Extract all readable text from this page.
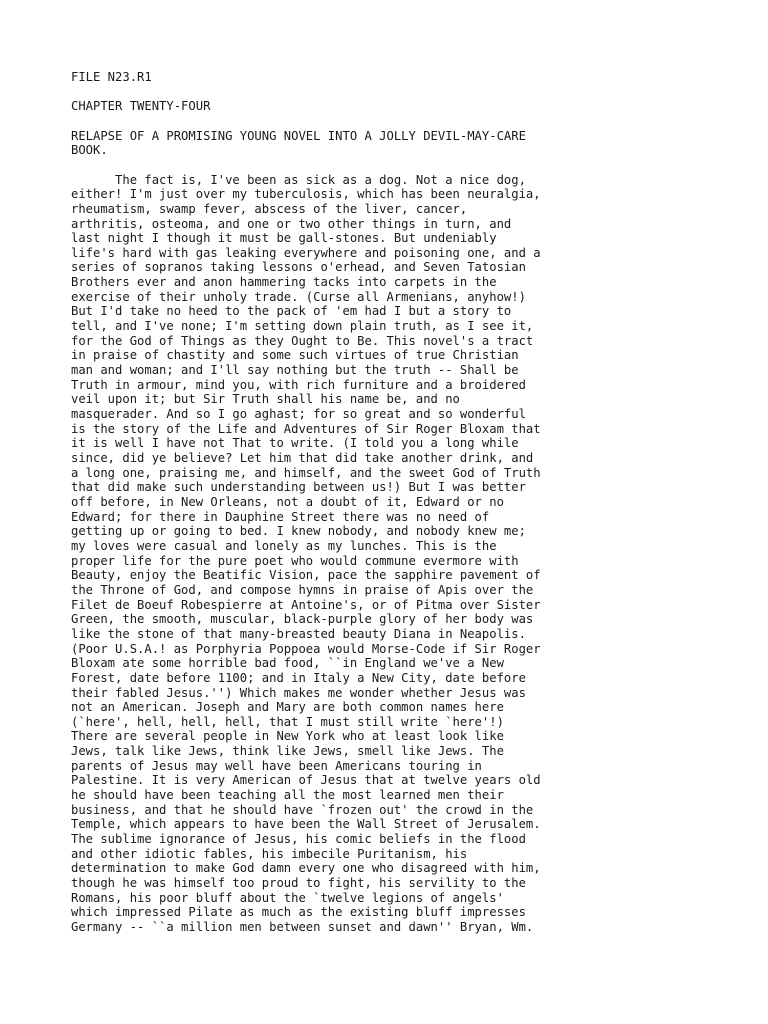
FILE N23.R1
CHAPTER TWENTY-FOUR
RELAPSE OF A PROMISING YOUNG NOVEL INTO A JOLLY DEVIL-MAY-CARE
BOOK.
The fact is, I've been as sick as a dog. Not a nice dog,
either! I'm just over my tuberculosis, which has been neuralgia,
rheumatism, swamp fever, abscess of the liver, cancer,
arthritis, osteoma, and one or two other things in turn, and
last night I though it must be gall-stones. But undeniably
life's hard with gas leaking everywhere and poisoning one, and a
series of sopranos taking lessons o'erhead, and Seven Tatosian
Brothers ever and anon hammering tacks into carpets in the
exercise of their unholy trade. (Curse all Armenians, anyhow!)
But I'd take no heed to the pack of 'em had I but a story to
tell, and I've none; I'm setting down plain truth, as I see it,
for the God of Things as they Ought to Be. This novel's a tract
in praise of chastity and some such virtues of true Christian
man and woman; and I'll say nothing but the truth -- Shall be
Truth in armour, mind you, with rich furniture and a broidered
veil upon it; but Sir Truth shall his name be, and no
masquerader. And so I go aghast; for so great and so wonderful
is the story of the Life and Adventures of Sir Roger Bloxam that
it is well I have not That to write. (I told you a long while
since, did ye believe? Let him that did take another drink, and
a long one, praising me, and himself, and the sweet God of Truth
that did make such understanding between us!) But I was better
off before, in New Orleans, not a doubt of it, Edward or no
Edward; for there in Dauphine Street there was no need of
getting up or going to bed. I knew nobody, and nobody knew me;
my loves were casual and lonely as my lunches. This is the
proper life for the pure poet who would commune evermore with
Beauty, enjoy the Beatific Vision, pace the sapphire pavement of
the Throne of God, and compose hymns in praise of Apis over the
Filet de Boeuf Robespierre at Antoine's, or of Pitma over Sister
Green, the smooth, muscular, black-purple glory of her body was
like the stone of that many-breasted beauty Diana in Neapolis.
(Poor U.S.A.! as Porphyria Poppoea would Morse-Code if Sir Roger
Bloxam ate some horrible bad food, ``in England we've a New
Forest, date before 1100; and in Italy a New City, date before
their fabled Jesus.'') Which makes me wonder whether Jesus was
not an American. Joseph and Mary are both common names here
(`here', hell, hell, hell, that I must still write `here'!)
There are several people in New York who at least look like
Jews, talk like Jews, think like Jews, smell like Jews. The
parents of Jesus may well have been Americans touring in
Palestine. It is very American of Jesus that at twelve years old
he should have been teaching all the most learned men their
business, and that he should have `frozen out' the crowd in the
Temple, which appears to have been the Wall Street of Jerusalem.
The sublime ignorance of Jesus, his comic beliefs in the flood
and other idiotic fables, his imbecile Puritanism, his
determination to make God damn every one who disagreed with him,
though he was himself too proud to fight, his servility to the
Romans, his poor bluff about the `twelve legions of angels'
which impressed Pilate as much as the existing bluff impresses
Germany -- ``a million men between sunset and dawn'' Bryan, Wm.
